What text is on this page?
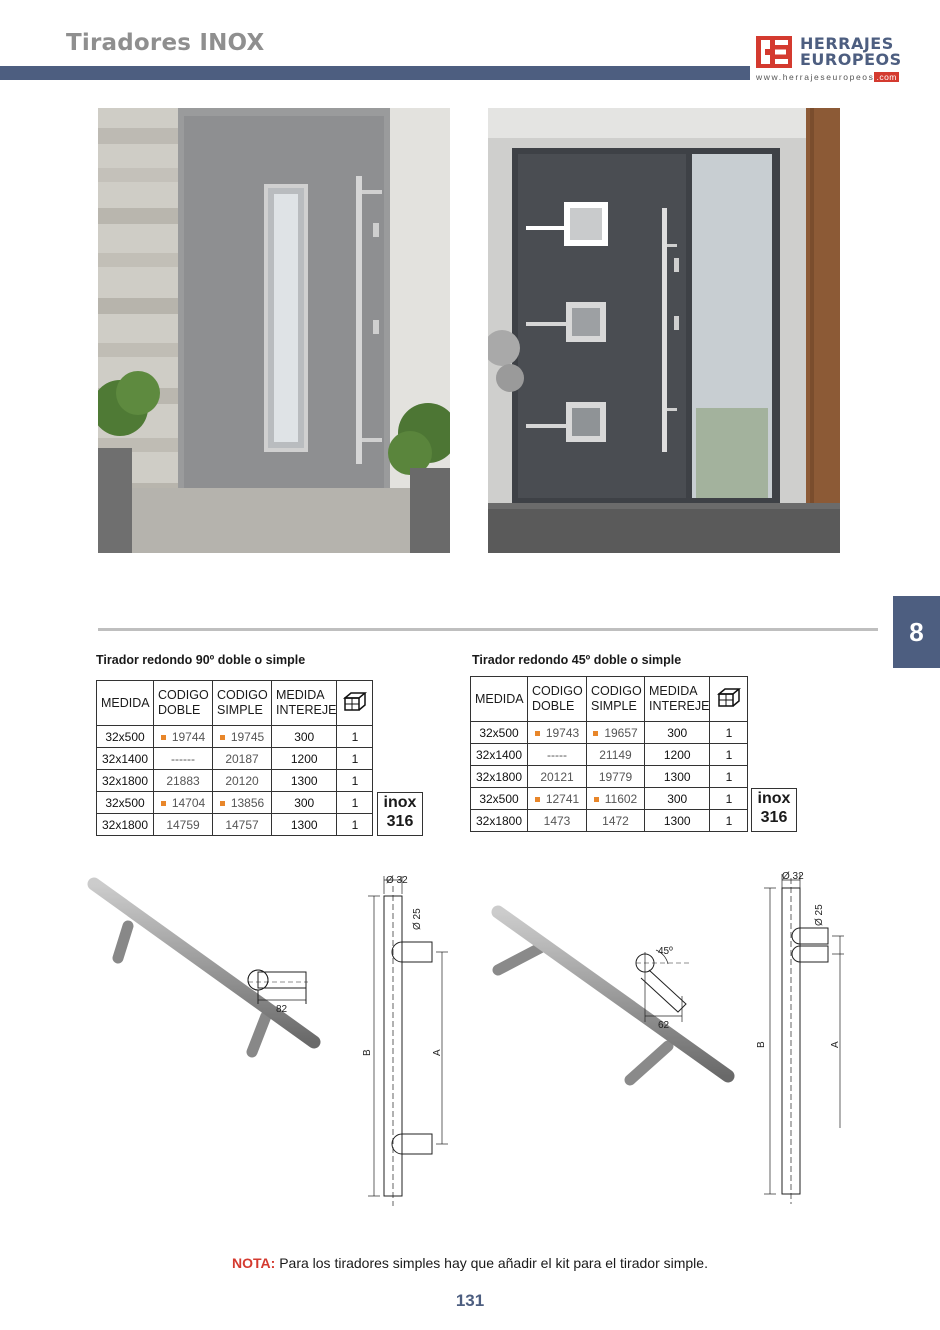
Tiradores INOX	HERRAJES
EUROPEOS
www.herrajeseuropeos .com
8
Tirador redondo 90º doble o simple
MEDIDA	CODIGO DOBLE	CODIGO SIMPLE	MEDIDA INTEREJE	
32x500	19744	19745	300	1
32x1400	------	20187	1200	1
32x1800	21883	20120	1300	1
32x500	14704	13856	300	1
32x1800	14759	14757	1300	1
inox
316
Tirador redondo 45º doble o simple
MEDIDA	CODIGO DOBLE	CODIGO SIMPLE	MEDIDA INTEREJE	
32x500	19743	19657	300	1
32x1400	-----	21149	1200	1
32x1800	20121	19779	1300	1
32x500	12741	11602	300	1
32x1800	1473	1472	1300	1
inox
316
Ø 32
Ø 25
B	A
82
Ø 32
Ø 25
B	A
45º
62
NOTA: Para los tiradores simples hay que añadir el kit para el tirador simple.
131
